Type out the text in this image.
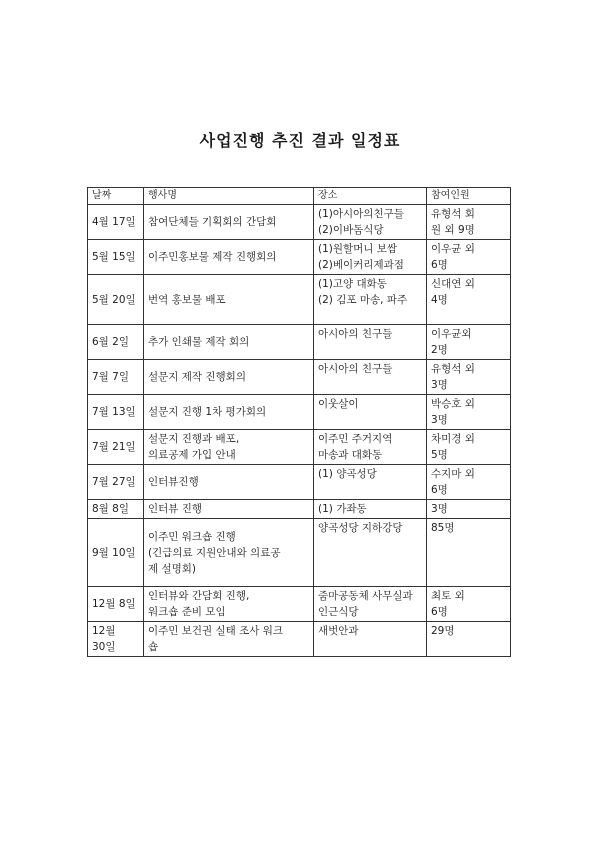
사업진행 추진 결과 일정표
날짜	행사명	장소	참여인원
4월 17일	참여단체들 기획회의 간담회	(1)아시아의친구들
(2)이바돔식당	유형석 회
원 외 9명

5월 15일	이주민홍보물 제작 진행회의	(1)원할머니 보쌈
(2)베이커리제과점	이우균 외
6명

5월 20일	번역 홍보물 배포	(1)고양 대화동
(2) 김포 마송, 파주	신대연 외
4명

6월 2일	추가 인쇄물 제작 회의	아시아의 친구들	이우균외
2명

7월 7일	설문지 제작 진행회의	아시아의 친구들	유형석 외
3명

7월 13일	설문지 진행 1차 평가회의	이웃살이	박승호 외
3명

7월 21일	설문지 진행과 배포,
의료공제 가입 안내	이주민 주거지역
마송과 대화동	차미경 외
5명

7월 27일	인터뷰진행	(1) 양곡성당	수지마 외
6명

8월 8일	인터뷰 진행	(1) 가좌동	3명

9월 10일	이주민 워크숍 진행
(긴급의료 지원안내와 의료공
제 설명회)	양곡성당 지하강당	85명

12월 8일	인터뷰와 간담회 진행,
워크숍 준비 모임	줌마공동체 사무실과
인근식당	최토 외
6명

12월 30일	이주민 보건권 실태 조사 워크
숍	새벗안과	29명
